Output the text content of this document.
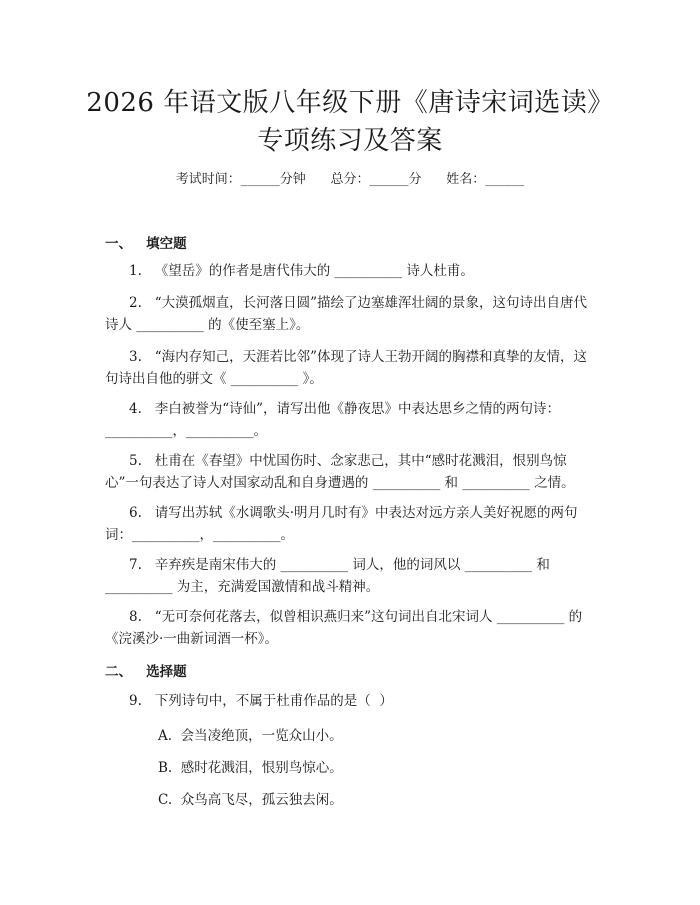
2026 年语文版八年级下册《唐诗宋词选读》
专项练习及答案
考试时间：______分钟      总分：______分      姓名：______
一、   填空题
1.   《望岳》的作者是唐代伟大的 __________ 诗人杜甫。
2.   “大漠孤烟直，长河落日圆”描绘了边塞雄浑壮阔的景象，这句诗出自唐代诗人 __________ 的《使至塞上》。
3.   “海内存知己，天涯若比邻”体现了诗人王勃开阔的胸襟和真挚的友情，这句诗出自他的骈文《 __________ 》。
4.   李白被誉为“诗仙”，请写出他《静夜思》中表达思乡之情的两句诗：__________，__________。
5.   杜甫在《春望》中忧国伤时、念家悲己，其中“感时花溅泪，恨别鸟惊心”一句表达了诗人对国家动乱和自身遭遇的 __________ 和 __________ 之情。
6.   请写出苏轼《水调歌头·明月几时有》中表达对远方亲人美好祝愿的两句词：__________，__________。
7.   辛弃疾是南宋伟大的 __________ 词人，他的词风以 __________ 和 __________ 为主，充满爱国激情和战斗精神。
8.   “无可奈何花落去，似曾相识燕归来”这句词出自北宋词人 __________ 的《浣溪沙·一曲新词酒一杯》。
二、   选择题
9.   下列诗句中，不属于杜甫作品的是（  ）
A.  会当凌绝顶，一览众山小。
B.  感时花溅泪，恨别鸟惊心。
C.  众鸟高飞尽，孤云独去闲。
